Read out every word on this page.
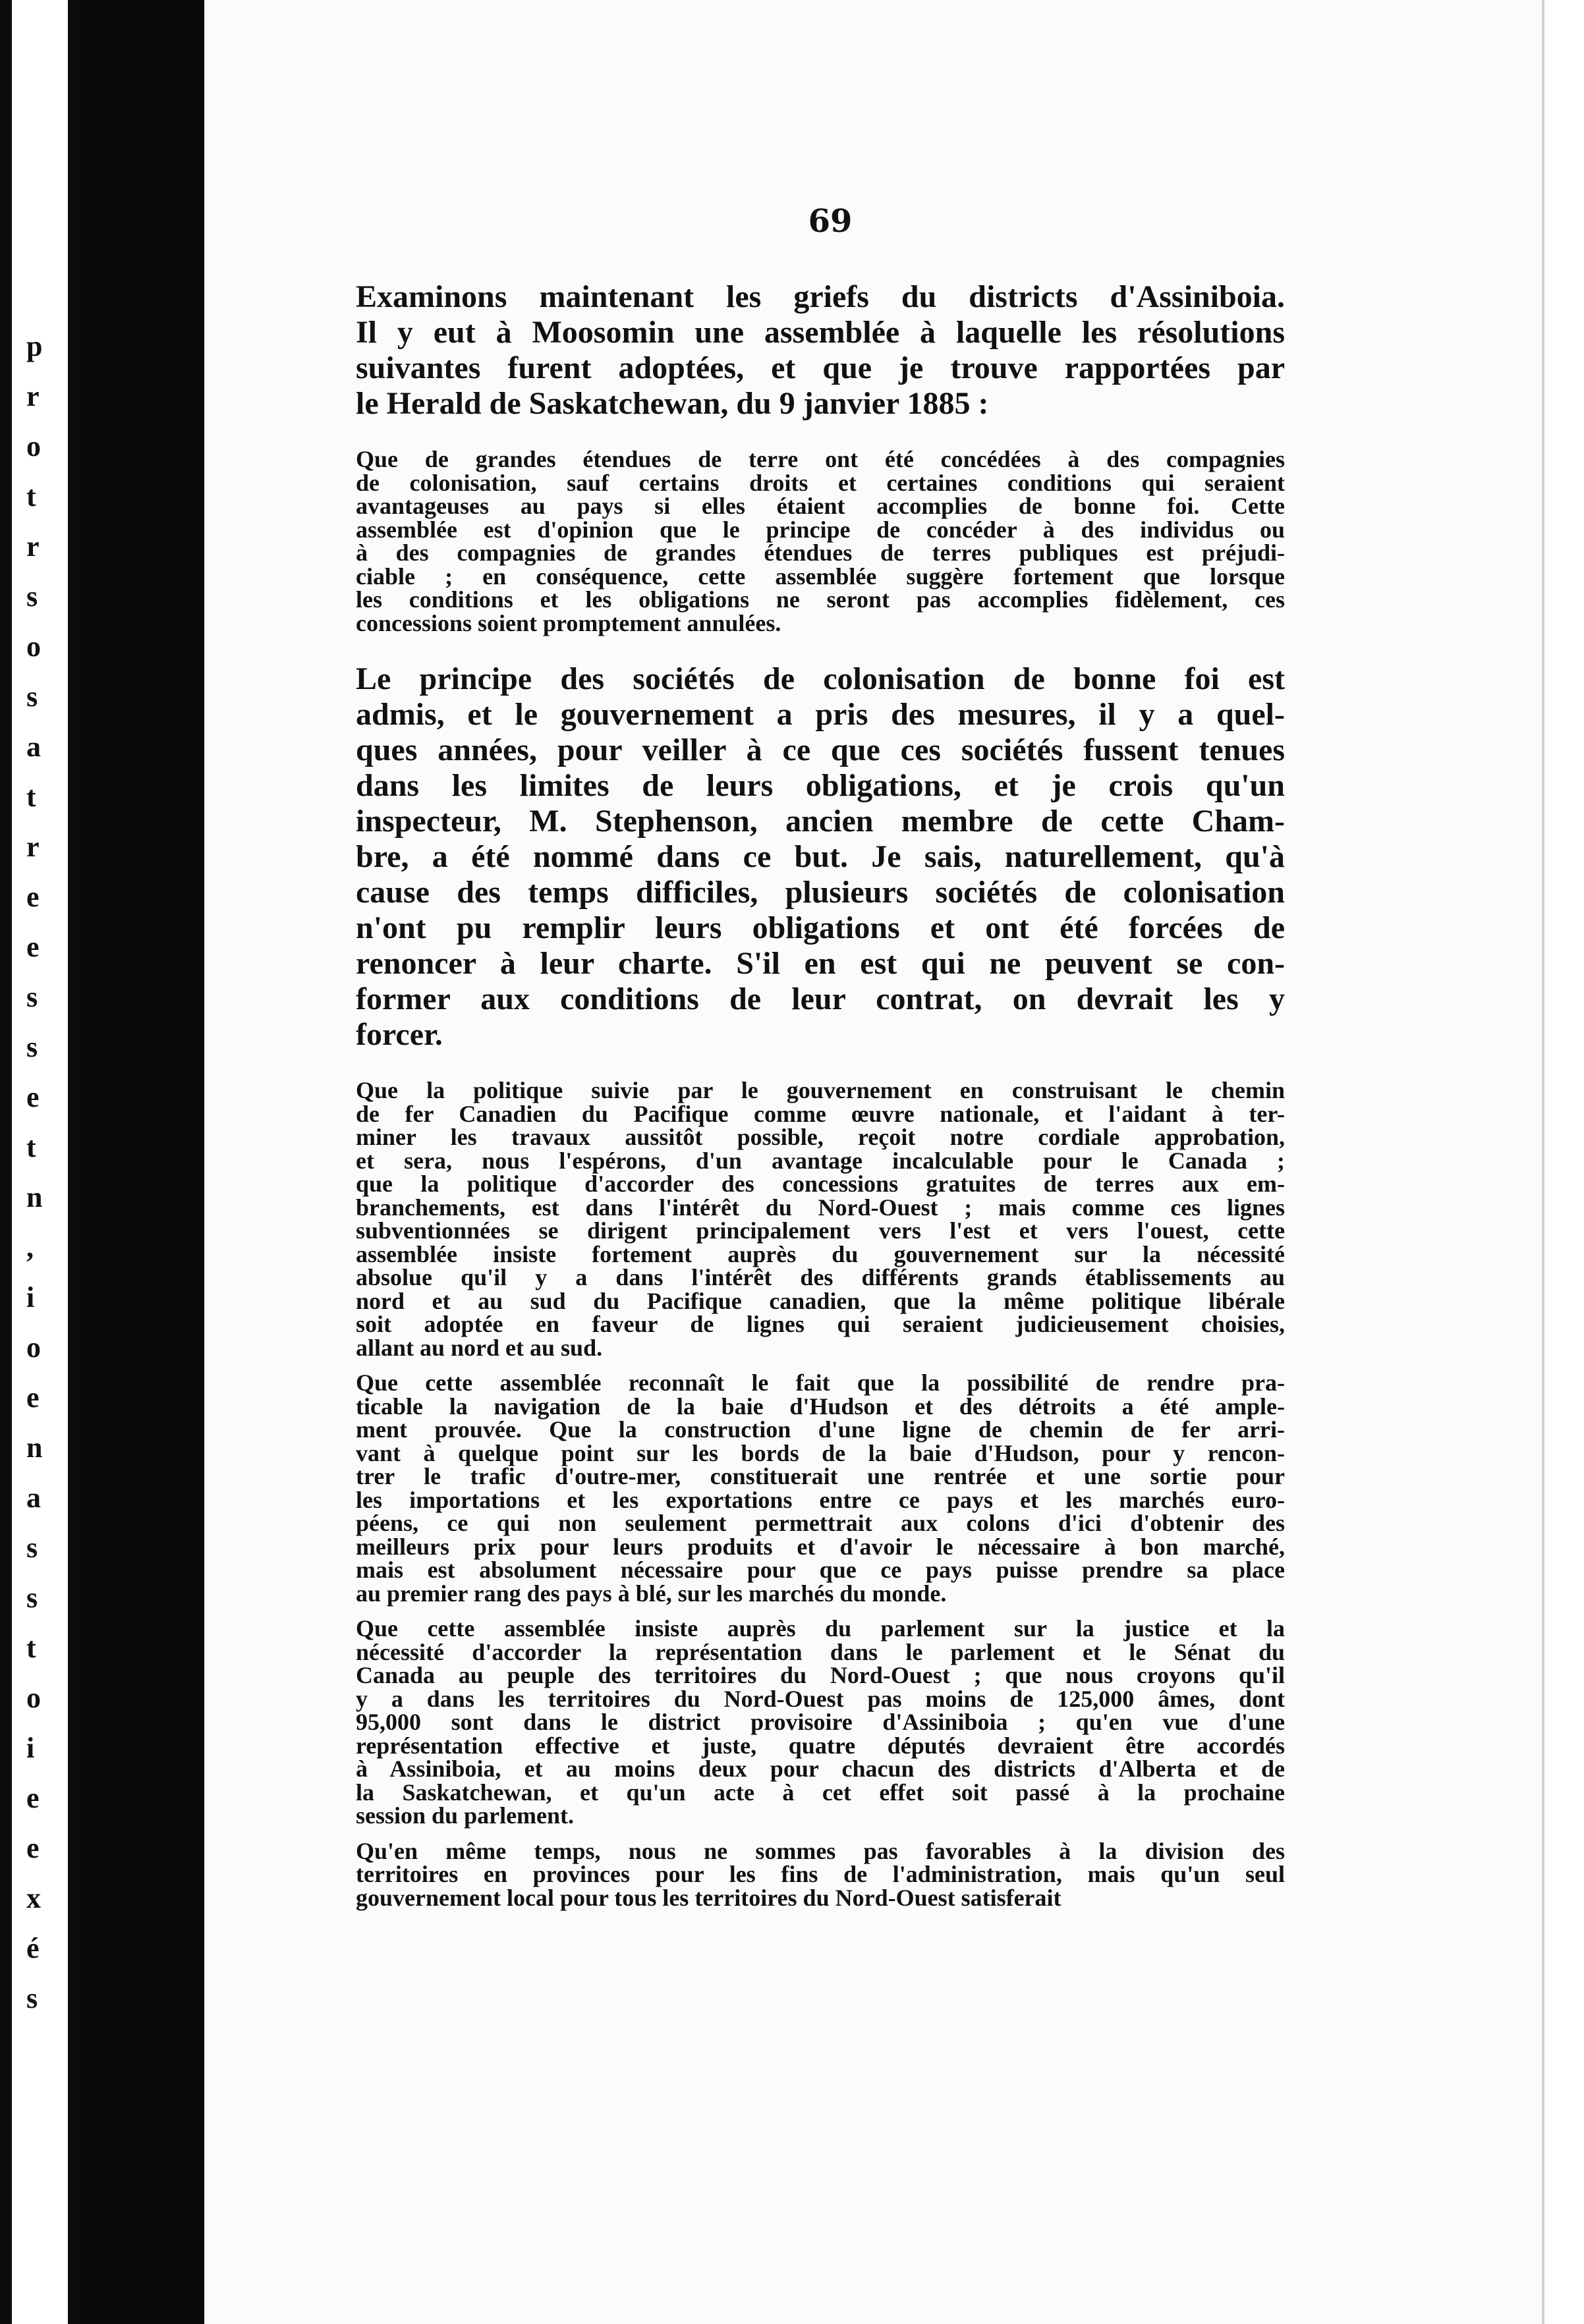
p
r
o
t
r
s
o
s
a
t
r
e
e
s
s
e
t
n
,
i
o
e
n
a
s
s
t
o
i
e
e
x
é
s
69
Examinons maintenant les griefs du districts d'Assiniboia.
Il y eut à Moosomin une assemblée à laquelle les résolutions
suivantes furent adoptées, et que je trouve rapportées par
le Herald de Saskatchewan, du 9 janvier 1885 :
Que de grandes étendues de terre ont été concédées à des compagnies
de colonisation, sauf certains droits et certaines conditions qui seraient
avantageuses au pays si elles étaient accomplies de bonne foi. Cette
assemblée est d'opinion que le principe de concéder à des individus ou
à des compagnies de grandes étendues de terres publiques est préjudi-
ciable ; en conséquence, cette assemblée suggère fortement que lorsque
les conditions et les obligations ne seront pas accomplies fidèlement, ces
concessions soient promptement annulées.
Le principe des sociétés de colonisation de bonne foi est
admis, et le gouvernement a pris des mesures, il y a quel-
ques années, pour veiller à ce que ces sociétés fussent tenues
dans les limites de leurs obligations, et je crois qu'un
inspecteur, M. Stephenson, ancien membre de cette Cham-
bre, a été nommé dans ce but. Je sais, naturellement, qu'à
cause des temps difficiles, plusieurs sociétés de colonisation
n'ont pu remplir leurs obligations et ont été forcées de
renoncer à leur charte. S'il en est qui ne peuvent se con-
former aux conditions de leur contrat, on devrait les y
forcer.
Que la politique suivie par le gouvernement en construisant le chemin
de fer Canadien du Pacifique comme œuvre nationale, et l'aidant à ter-
miner les travaux aussitôt possible, reçoit notre cordiale approbation,
et sera, nous l'espérons, d'un avantage incalculable pour le Canada ;
que la politique d'accorder des concessions gratuites de terres aux em-
branchements, est dans l'intérêt du Nord-Ouest ; mais comme ces lignes
subventionnées se dirigent principalement vers l'est et vers l'ouest, cette
assemblée insiste fortement auprès du gouvernement sur la nécessité
absolue qu'il y a dans l'intérêt des différents grands établissements au
nord et au sud du Pacifique canadien, que la même politique libérale
soit adoptée en faveur de lignes qui seraient judicieusement choisies,
allant au nord et au sud.
Que cette assemblée reconnaît le fait que la possibilité de rendre pra-
ticable la navigation de la baie d'Hudson et des détroits a été ample-
ment prouvée. Que la construction d'une ligne de chemin de fer arri-
vant à quelque point sur les bords de la baie d'Hudson, pour y rencon-
trer le trafic d'outre-mer, constituerait une rentrée et une sortie pour
les importations et les exportations entre ce pays et les marchés euro-
péens, ce qui non seulement permettrait aux colons d'ici d'obtenir des
meilleurs prix pour leurs produits et d'avoir le nécessaire à bon marché,
mais est absolument nécessaire pour que ce pays puisse prendre sa place
au premier rang des pays à blé, sur les marchés du monde.
Que cette assemblée insiste auprès du parlement sur la justice et la
nécessité d'accorder la représentation dans le parlement et le Sénat du
Canada au peuple des territoires du Nord-Ouest ; que nous croyons qu'il
y a dans les territoires du Nord-Ouest pas moins de 125,000 âmes, dont
95,000 sont dans le district provisoire d'Assiniboia ; qu'en vue d'une
représentation effective et juste, quatre députés devraient être accordés
à Assiniboia, et au moins deux pour chacun des districts d'Alberta et de
la Saskatchewan, et qu'un acte à cet effet soit passé à la prochaine
session du parlement.
Qu'en même temps, nous ne sommes pas favorables à la division des
territoires en provinces pour les fins de l'administration, mais qu'un seul
gouvernement local pour tous les territoires du Nord-Ouest satisferait
